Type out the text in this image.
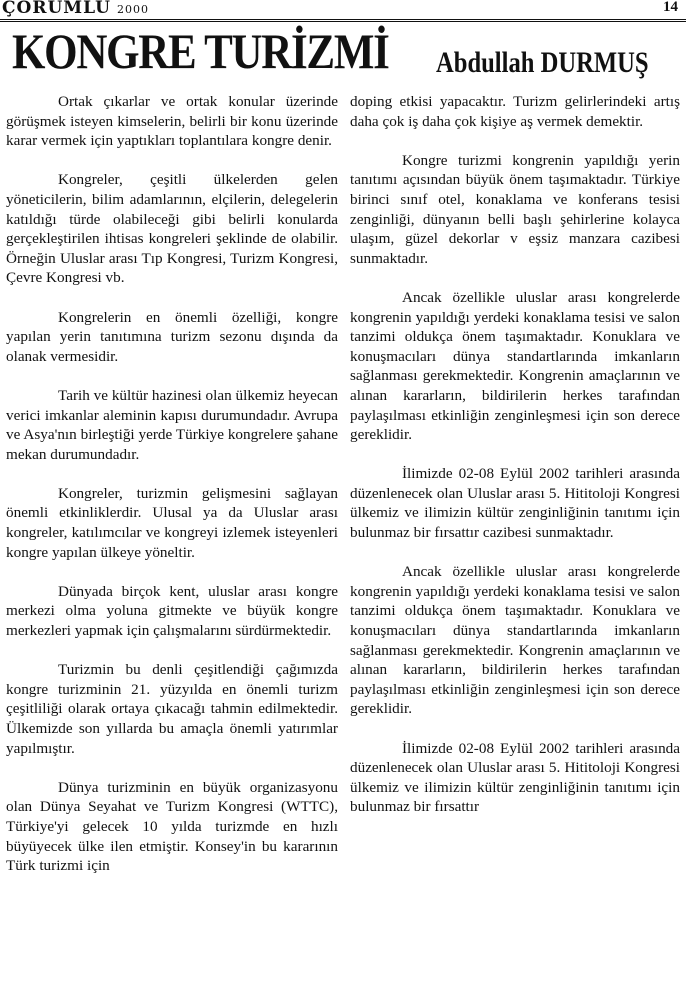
ÇORUMLU 2000	14
KONGRE TURİZMİ Abdullah DURMUŞ

Ortak çıkarlar ve ortak konular üzerinde görüşmek isteyen kimselerin, belirli bir konu üzerinde karar vermek için yaptıkları toplantılara kongre denir.

Kongreler, çeşitli ülkelerden gelen yöneticilerin, bilim adamlarının, elçilerin, delegelerin katıldığı türde olabileceği gibi belirli konularda gerçekleştirilen ihtisas kongreleri şeklinde de olabilir. Örneğin Uluslar arası Tıp Kongresi, Turizm Kongresi, Çevre Kongresi vb.

Kongrelerin en önemli özelliği, kongre yapılan yerin tanıtımına turizm sezonu dışında da olanak vermesidir.

Tarih ve kültür hazinesi olan ülkemiz heyecan verici imkanlar aleminin kapısı durumundadır. Avrupa ve Asya'nın birleştiği yerde Türkiye kongrelere şahane mekan durumundadır.

Kongreler, turizmin gelişmesini sağlayan önemli etkinliklerdir. Ulusal ya da Uluslar arası kongreler, katılımcılar ve kongreyi izlemek isteyenleri kongre yapılan ülkeye yöneltir.

Dünyada birçok kent, uluslar arası kongre merkezi olma yoluna gitmekte ve büyük kongre merkezleri yapmak için çalışmalarını sürdürmektedir.

Turizmin bu denli çeşitlendiği çağımızda kongre turizminin 21. yüzyılda en önemli turizm çeşitliliği olarak ortaya çıkacağı tahmin edilmektedir. Ülkemizde son yıllarda bu amaçla önemli yatırımlar yapılmıştır.

Dünya turizminin en büyük organizasyonu olan Dünya Seyahat ve Turizm Kongresi (WTTC), Türkiye'yi gelecek 10 yılda turizmde en hızlı büyüyecek ülke ilen etmiştir. Konsey'in bu kararının Türk turizmi için

doping etkisi yapacaktır. Turizm gelirlerindeki artış daha çok iş daha çok kişiye aş vermek demektir.

Kongre turizmi kongrenin yapıldığı yerin tanıtımı açısından büyük önem taşımaktadır. Türkiye birinci sınıf otel, konaklama ve konferans tesisi zenginliği, dünyanın belli başlı şehirlerine kolayca ulaşım, güzel dekorlar v eşsiz manzara cazibesi sunmaktadır.

Ancak özellikle uluslar arası kongrelerde kongrenin yapıldığı yerdeki konaklama tesisi ve salon tanzimi oldukça önem taşımaktadır. Konuklara ve konuşmacıları dünya standartlarında imkanların sağlanması gerekmektedir. Kongrenin amaçlarının ve alınan kararların, bildirilerin herkes tarafından paylaşılması etkinliğin zenginleşmesi için son derece gereklidir.

İlimizde 02-08 Eylül 2002 tarihleri arasında düzenlenecek olan Uluslar arası 5. Hititoloji Kongresi ülkemiz ve ilimizin kültür zenginliğinin tanıtımı için bulunmaz bir fırsattır cazibesi sunmaktadır.

Ancak özellikle uluslar arası kongrelerde kongrenin yapıldığı yerdeki konaklama tesisi ve salon tanzimi oldukça önem taşımaktadır. Konuklara ve konuşmacıları dünya standartlarında imkanların sağlanması gerekmektedir. Kongrenin amaçlarının ve alınan kararların, bildirilerin herkes tarafından paylaşılması etkinliğin zenginleşmesi için son derece gereklidir.

İlimizde 02-08 Eylül 2002 tarihleri arasında düzenlenecek olan Uluslar arası 5. Hititoloji Kongresi ülkemiz ve ilimizin kültür zenginliğinin tanıtımı için bulunmaz bir fırsattır
